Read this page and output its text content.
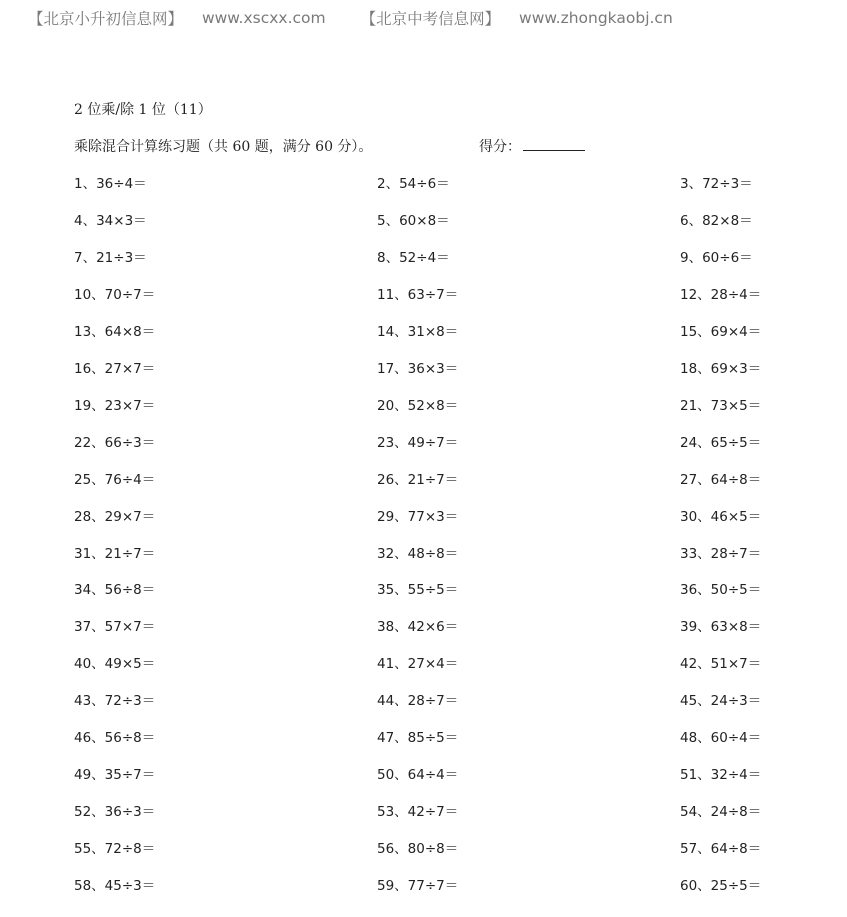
【北京小升初信息网】 www.xscxx.com 【北京中考信息网】 www.zhongkaobj.cn
2 位乘/除 1 位（11）
乘除混合计算练习题（共 60 题，满分 60 分）。	得分：
1、36÷4＝	2、54÷6＝	3、72÷3＝
4、34×3＝	5、60×8＝	6、82×8＝
7、21÷3＝	8、52÷4＝	9、60÷6＝
10、70÷7＝	11、63÷7＝	12、28÷4＝
13、64×8＝	14、31×8＝	15、69×4＝
16、27×7＝	17、36×3＝	18、69×3＝
19、23×7＝	20、52×8＝	21、73×5＝
22、66÷3＝	23、49÷7＝	24、65÷5＝
25、76÷4＝	26、21÷7＝	27、64÷8＝
28、29×7＝	29、77×3＝	30、46×5＝
31、21÷7＝	32、48÷8＝	33、28÷7＝
34、56÷8＝	35、55÷5＝	36、50÷5＝
37、57×7＝	38、42×6＝	39、63×8＝
40、49×5＝	41、27×4＝	42、51×7＝
43、72÷3＝	44、28÷7＝	45、24÷3＝
46、56÷8＝	47、85÷5＝	48、60÷4＝
49、35÷7＝	50、64÷4＝	51、32÷4＝
52、36÷3＝	53、42÷7＝	54、24÷8＝
55、72÷8＝	56、80÷8＝	57、64÷8＝
58、45÷3＝	59、77÷7＝	60、25÷5＝
